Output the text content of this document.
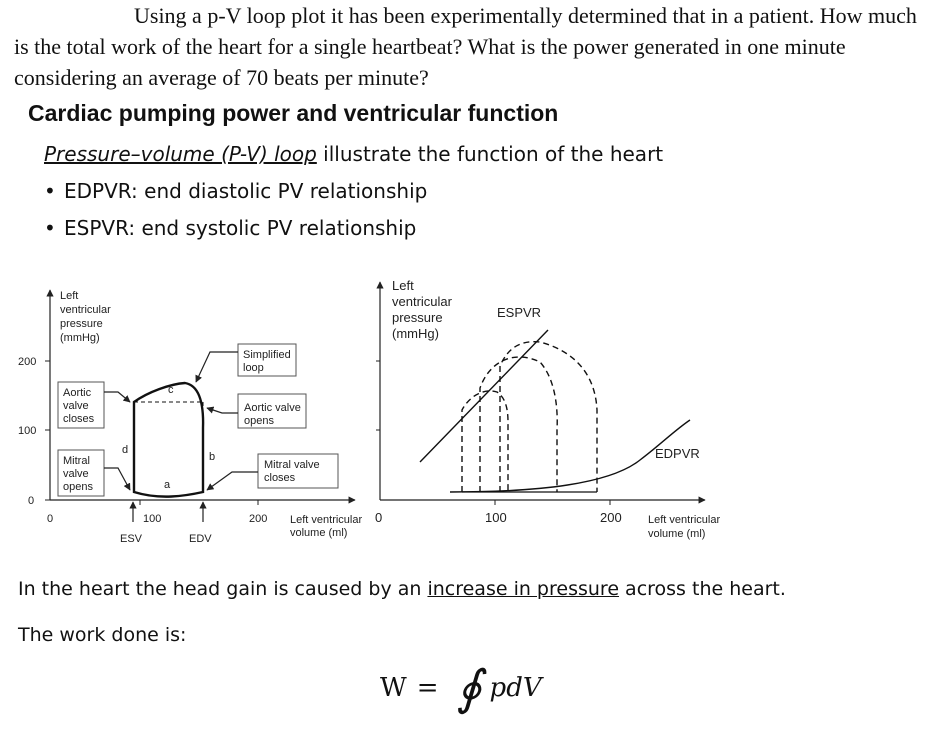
Using a p-V loop plot it has been experimentally determined that in a patient. How much is the total work of the heart for a single heartbeat? What is the power generated in one minute considering an average of 70 beats per minute?

Cardiac pumping power and ventricular function

Pressure–volume (P-V) loop illustrate the function of the heart

• EDPVR: end diastolic PV relationship
• ESPVR: end systolic PV relationship
Left
ventricular
pressure
(mmHg)
200
100
0
0	100	200
ESV	EDV
a
b
c
d
Simplified
loop
Aortic
valve
closes
Aortic valve
opens
Mitral
valve
opens
Mitral valve
closes
Left ventricular
volume (ml)
Left
ventricular
pressure
(mmHg)
0	100	200
ESPVR
EDPVR
Left ventricular
volume (ml)

In the heart the head gain is caused by an increase in pressure across the heart.

The work done is:

W = ∮ pdV
